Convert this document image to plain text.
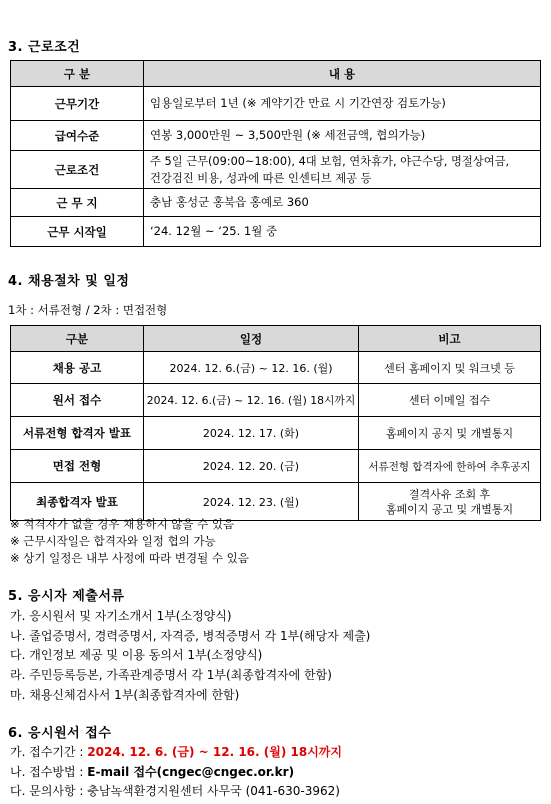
3. 근로조건
구 분	내 용
근무기간	임용일로부터 1년 (※ 계약기간 만료 시 기간연장 검토가능)
급여수준	연봉 3,000만원 ~ 3,500만원 (※ 세전금액, 협의가능)
근로조건	주 5일 근무(09:00~18:00), 4대 보험, 연차휴가, 야근수당, 명절상여금,
건강검진 비용, 성과에 따른 인센티브 제공 등

근 무 지	충남 홍성군 홍북읍 홍예로 360
근무 시작일	‘24. 12월 ~ ‘25. 1월 중
4. 채용절차 및 일정
1차 : 서류전형 / 2차 : 면접전형
구분	일정	비고
채용 공고	2024. 12. 6.(금) ~ 12. 16. (월)	센터 홈페이지 및 워크넷 등
원서 접수	2024. 12. 6.(금) ~ 12. 16. (월) 18시까지	센터 이메일 접수
서류전형 합격자 발표	2024. 12. 17. (화)	홈페이지 공지 및 개별통지
면접 전형	2024. 12. 20. (금)	서류전형 합격자에 한하여 추후공지
최종합격자 발표	2024. 12. 23. (월)	결격사유 조회 후
홈페이지 공고 및 개별통지
※ 적격자가 없을 경우 채용하지 않을 수 있음
※ 근무시작일은 합격자와 일정 협의 가능
※ 상기 일정은 내부 사정에 따라 변경될 수 있음
5. 응시자 제출서류
가. 응시원서 및 자기소개서 1부(소정양식)
나. 졸업증명서, 경력증명서, 자격증, 병적증명서 각 1부(해당자 제출)
다. 개인정보 제공 및 이용 동의서 1부(소정양식)
라. 주민등록등본, 가족관계증명서 각 1부(최종합격자에 한함)
마. 채용신체검사서 1부(최종합격자에 한함)
6. 응시원서 접수
가. 접수기간 : 2024. 12. 6. (금) ~ 12. 16. (월) 18시까지
나. 접수방법 : E-mail 접수(cngec@cngec.or.kr)
다. 문의사항 : 충남녹색환경지원센터 사무국 (041-630-3962)
